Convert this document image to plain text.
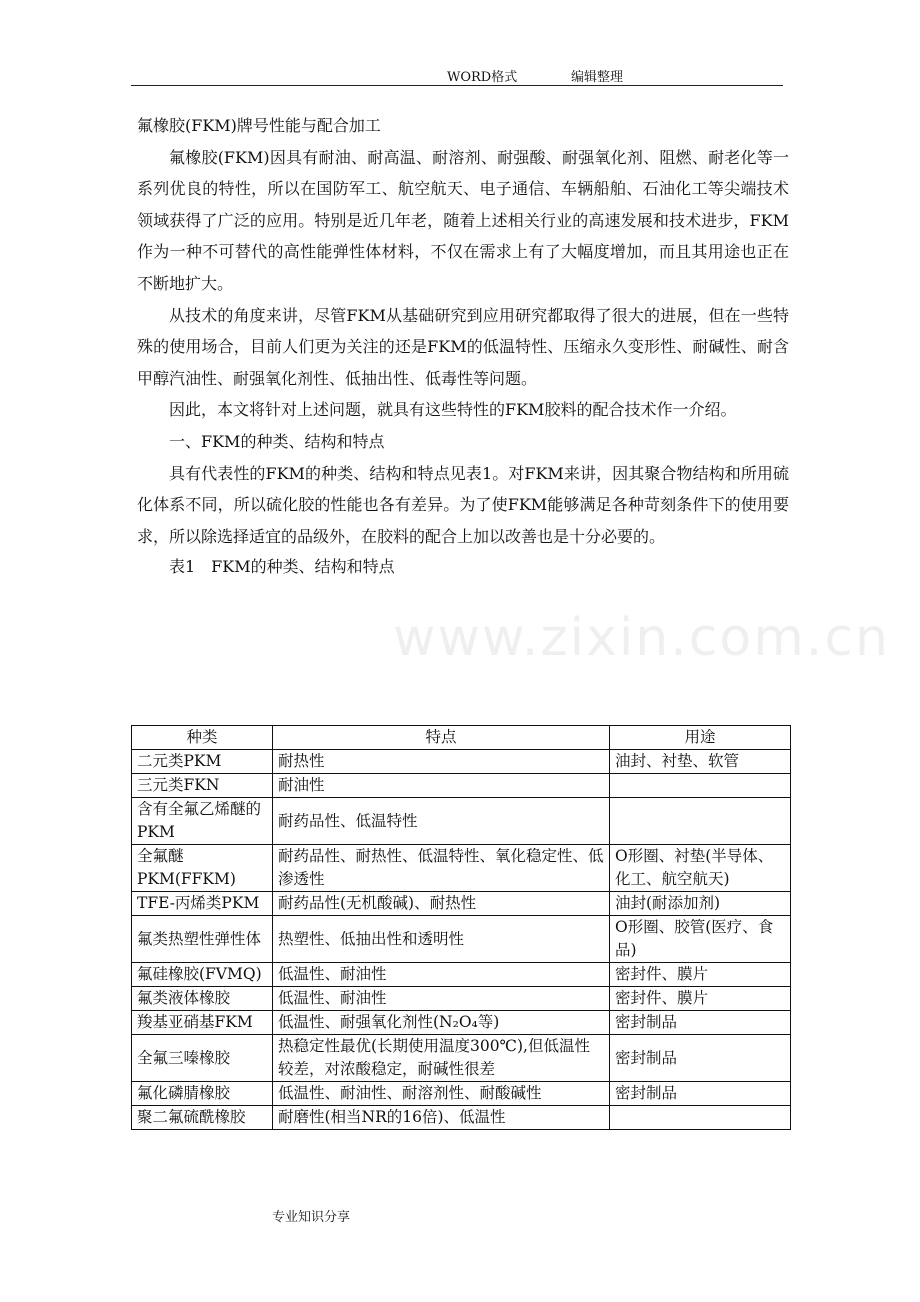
WORD格式	编辑整理
www.zixin.com.cn

氟橡胶(FKM)牌号性能与配合加工

氟橡胶(FKM)因具有耐油、耐高温、耐溶剂、耐强酸、耐强氧化剂、阻燃、耐老化等一系列优良的特性，所以在国防军工、航空航天、电子通信、车辆船舶、石油化工等尖端技术领域获得了广泛的应用。特别是近几年老，随着上述相关行业的高速发展和技术进步，FKM作为一种不可替代的高性能弹性体材料，不仅在需求上有了大幅度增加，而且其用途也正在不断地扩大。

从技术的角度来讲，尽管FKM从基础研究到应用研究都取得了很大的进展，但在一些特殊的使用场合，目前人们更为关注的还是FKM的低温特性、压缩永久变形性、耐碱性、耐含甲醇汽油性、耐强氧化剂性、低抽出性、低毒性等问题。

因此，本文将针对上述问题，就具有这些特性的FKM胶料的配合技术作一介绍。

一、FKM的种类、结构和特点

具有代表性的FKM的种类、结构和特点见表1。对FKM来讲，因其聚合物结构和所用硫化体系不同，所以硫化胶的性能也各有差异。为了使FKM能够满足各种苛刻条件下的使用要求，所以除选择适宜的品级外，在胶料的配合上加以改善也是十分必要的。

表1　FKM的种类、结构和特点

种类	特点	用途
二元类PKM	耐热性	油封、衬垫、软管
三元类FKN	耐油性	
含有全氟乙烯醚的PKM	耐药品性、低温特性	
全氟醚PKM(FFKM)	耐药品性、耐热性、低温特性、氧化稳定性、低渗透性	O形圈、衬垫(半导体、化工、航空航天)
TFE-丙烯类PKM	耐药品性(无机酸碱)、耐热性	油封(耐添加剂)
氟类热塑性弹性体	热塑性、低抽出性和透明性	O形圈、胶管(医疗、食品)
氟硅橡胶(FVMQ)	低温性、耐油性	密封件、膜片
氟类液体橡胶	低温性、耐油性	密封件、膜片
羧基亚硝基FKM	低温性、耐强氧化剂性(N₂O₄等)	密封制品
全氟三嗪橡胶	热稳定性最优(长期使用温度300℃),但低温性较差，对浓酸稳定，耐碱性很差	密封制品
氟化磷腈橡胶	低温性、耐油性、耐溶剂性、耐酸碱性	密封制品
聚二氟硫酰橡胶	耐磨性(相当NR的16倍)、低温性	
专业知识分享
